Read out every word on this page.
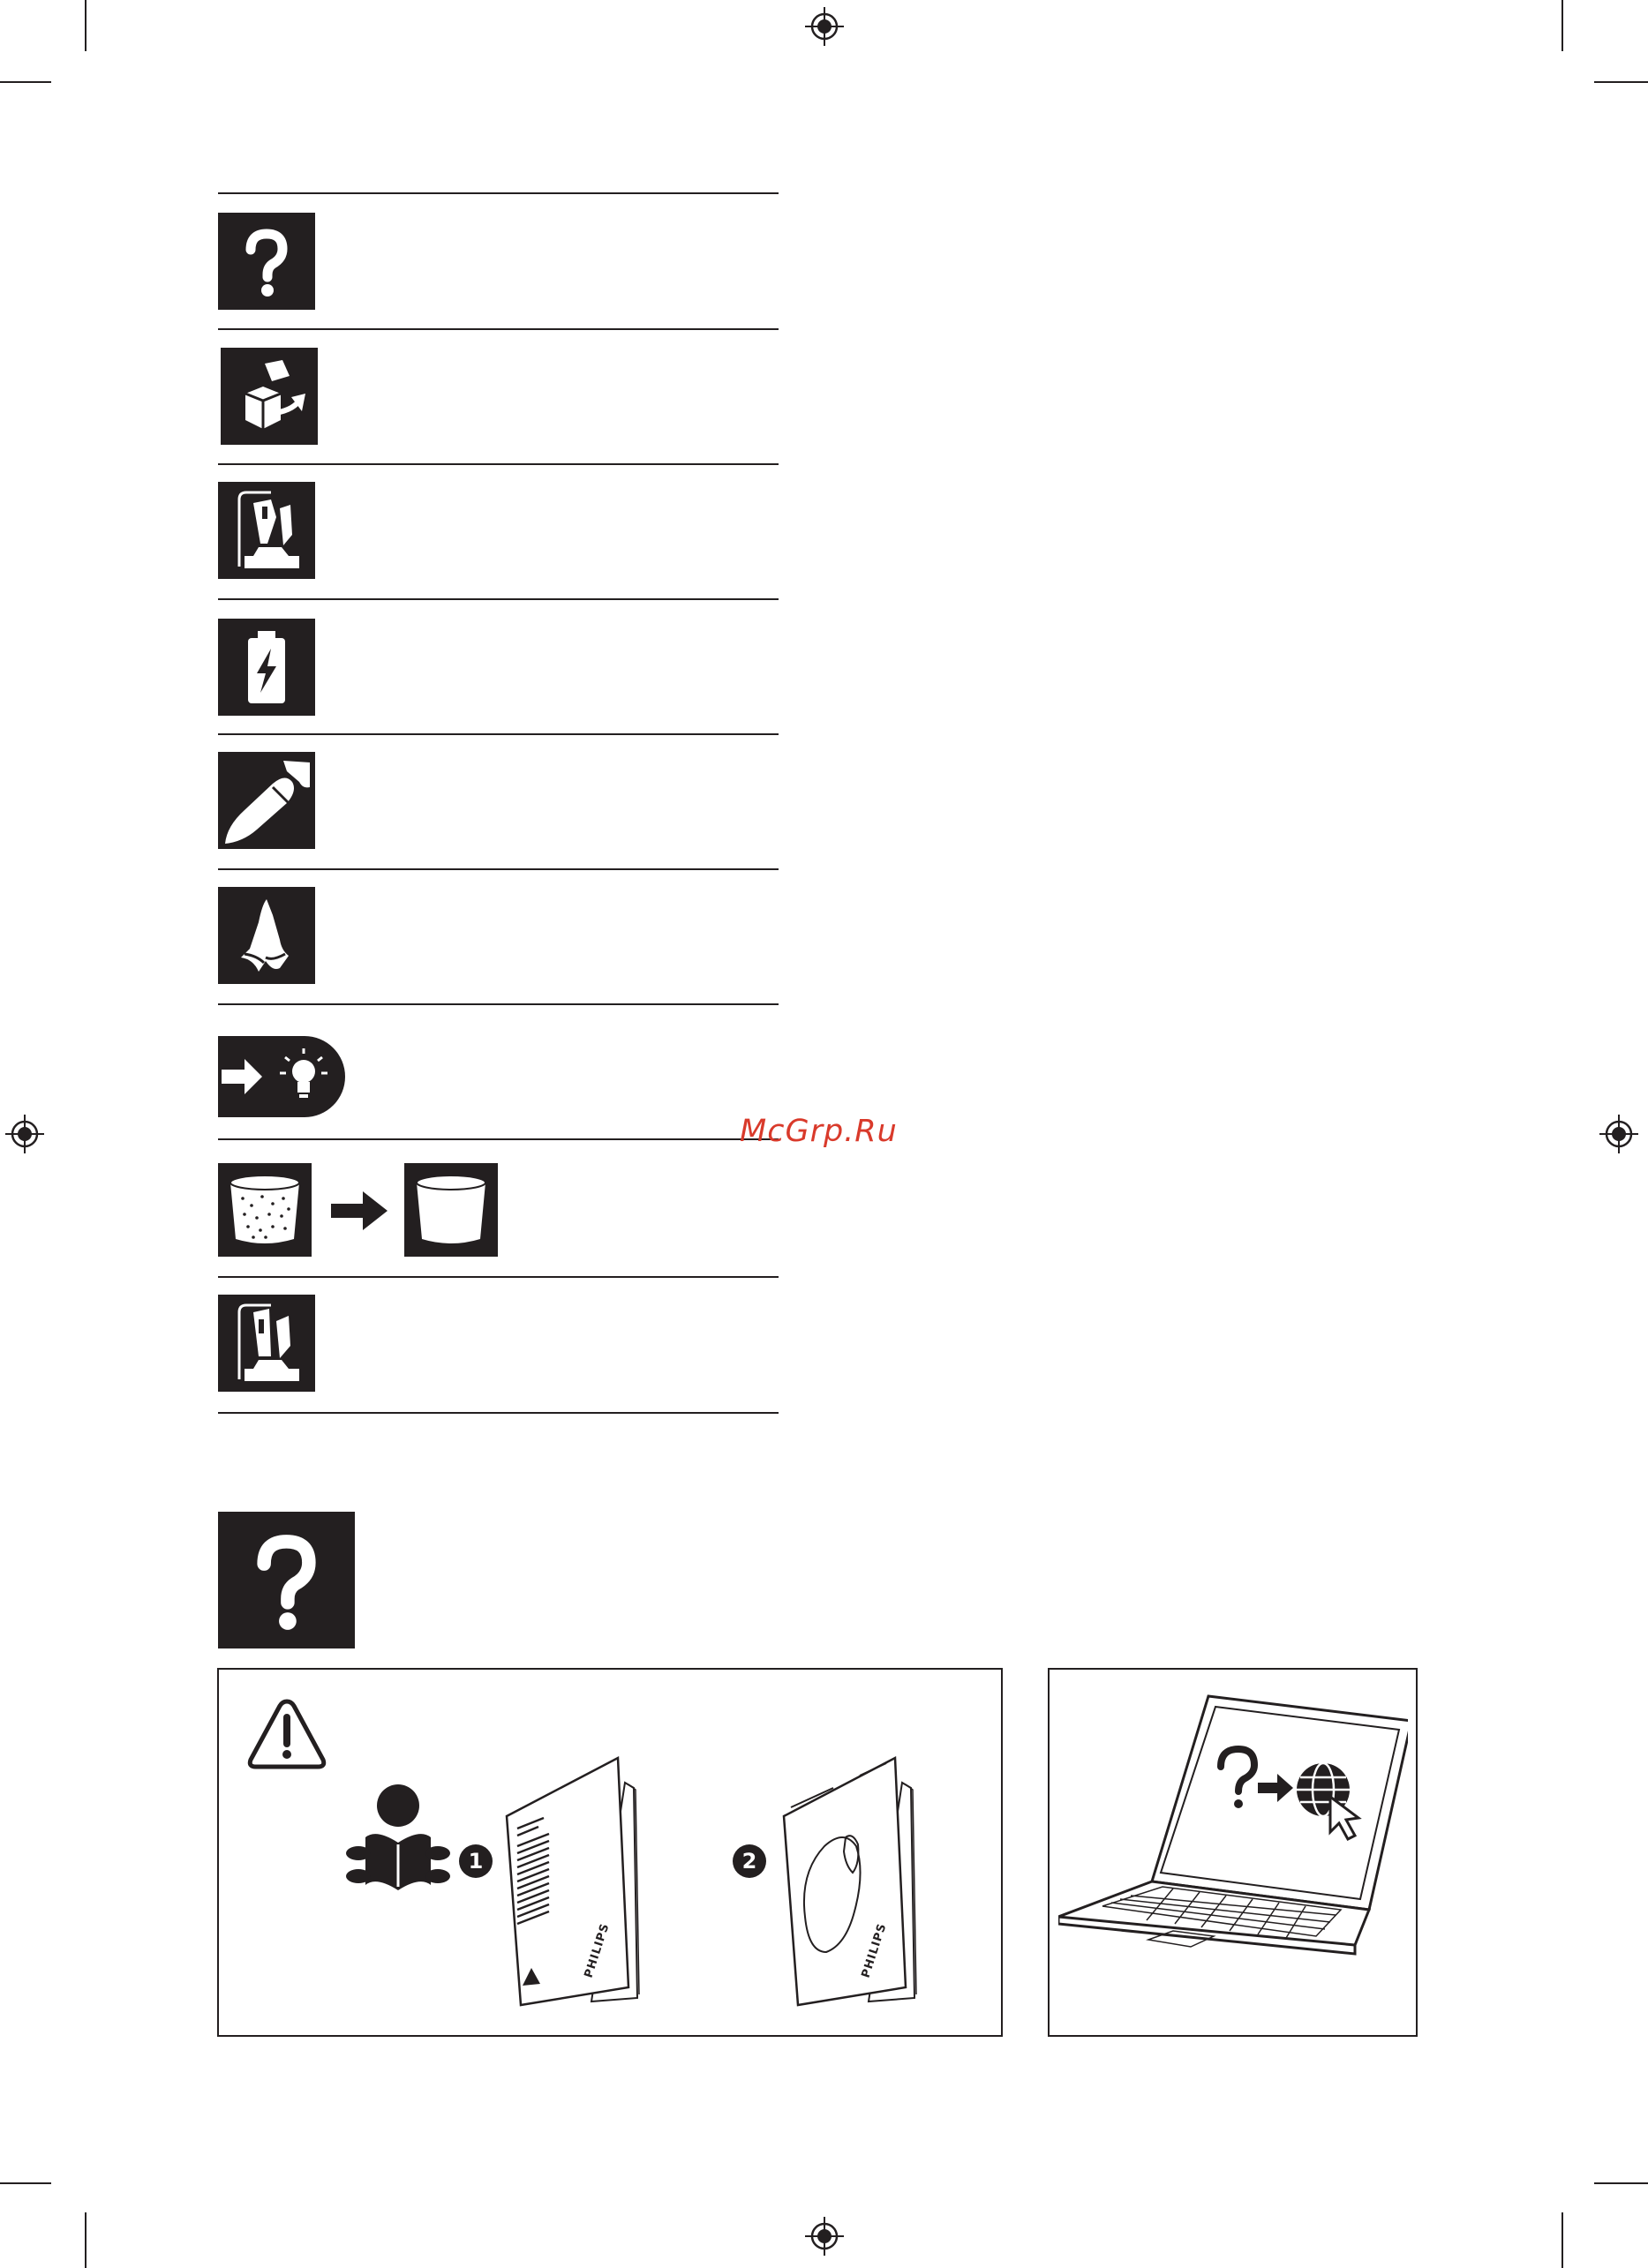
McGrp.Ru
1
PHILIPS
2
PHILIPS
